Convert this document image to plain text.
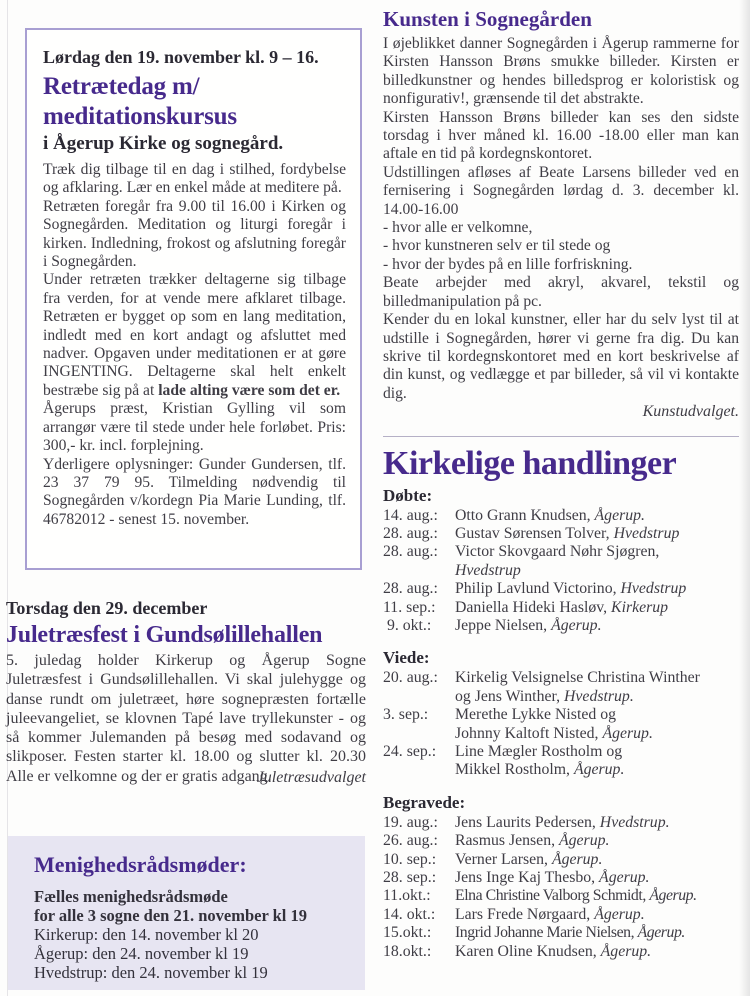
Lørdag den 19. november kl. 9 – 16.

Retrætedag m/ meditationskursus
i Ågerup Kirke og sognegård.

Træk dig tilbage til en dag i stilhed, fordybelse og afklaring. Lær en enkel måde at meditere på.

Retræten foregår fra 9.00 til 16.00 i Kirken og Sognegården. Meditation og liturgi foregår i kirken. Indledning, frokost og afslutning foregår i Sognegården.

Under retræten trækker deltagerne sig tilbage fra verden, for at vende mere afklaret tilbage. Retræten er bygget op som en lang meditation, indledt med en kort andagt og afsluttet med nadver. Opgaven under meditationen er at gøre INGENTING. Deltagerne skal helt enkelt bestræbe sig på at lade alting være som det er.

Ågerups præst, Kristian Gylling vil som arrangør være til stede under hele forløbet. Pris: 300,- kr. incl. forplejning.

Yderligere oplysninger: Gunder Gundersen, tlf. 23 37 79 95. Tilmelding nødvendig til Sognegården v/kordegn Pia Marie Lunding, tlf. 46782012 - senest 15. november.

Torsdag den 29. december

Juletræsfest i Gundsølillehallen

5. juledag holder Kirkerup og Ågerup Sogne Juletræsfest i Gundsølillehallen. Vi skal julehygge og danse rundt om juletræet, høre sognepræsten fortælle juleevangeliet, se klovnen Tapé lave tryllekunster - og så kommer Julemanden på besøg med sodavand og slikposer. Festen starter kl. 18.00 og slutter kl. 20.30 Alle er velkomne og der er gratis adgang.

Juletræsudvalget
Menighedsrådsmøder:
Fælles menighedsrådsmøde
for alle 3 sogne den 21. november kl 19
Kirkerup: den 14. november kl 20
Ågerup: den 24. november kl 19
Hvedstrup: den 24. november kl 19
Kunsten i Sognegården

I øjeblikket danner Sognegården i Ågerup rammerne for Kirsten Hansson Brøns smukke billeder. Kirsten er billedkunstner og hendes billedsprog er koloristisk og nonfigurativ!, grænsende til det abstrakte.

Kirsten Hansson Brøns billeder kan ses den sidste torsdag i hver måned kl. 16.00 -18.00 eller man kan aftale en tid på kordegnskontoret.

Udstillingen afløses af Beate Larsens billeder ved en fernisering i Sognegården lørdag d. 3. december kl. 14.00-16.00

- hvor alle er velkomne,

- hvor kunstneren selv er til stede og

- hvor der bydes på en lille forfriskning.

Beate arbejder med akryl, akvarel, tekstil og billedmanipulation på pc.

Kender du en lokal kunstner, eller har du selv lyst til at udstille i Sognegården, hører vi gerne fra dig. Du kan skrive til kordegnskontoret med en kort beskrivelse af din kunst, og vedlægge et par billeder, så vil vi kontakte dig.

Kunstudvalget.

Kirkelige handlinger
Døbte:
14. aug.:	Otto Grann Knudsen, Ågerup.
28. aug.:	Gustav Sørensen Tolver, Hvedstrup
28. aug.:	Victor Skovgaard Nøhr Sjøgren,
Hvedstrup
28. aug.:	Philip Lavlund Victorino, Hvedstrup
11. sep.:	Daniella Hideki Hasløv, Kirkerup
9. okt.:	Jeppe Nielsen, Ågerup.
Viede:
20. aug.:	Kirkelig Velsignelse Christina Winther
og Jens Winther, Hvedstrup.
3. sep.:	Merethe Lykke Nisted og
Johnny Kaltoft Nisted, Ågerup.
24. sep.:	Line Mægler Rostholm og
Mikkel Rostholm, Ågerup.
Begravede:
19. aug.:	Jens Laurits Pedersen, Hvedstrup.
26. aug.:	Rasmus Jensen, Ågerup.
10. sep.:	Verner Larsen, Ågerup.
28. sep.:	Jens Inge Kaj Thesbo, Ågerup.
11.okt.:	Elna Christine Valborg Schmidt, Ågerup.
14. okt.:	Lars Frede Nørgaard, Ågerup.
15.okt.:	Ingrid Johanne Marie Nielsen, Ågerup.
18.okt.:	Karen Oline Knudsen, Ågerup.
